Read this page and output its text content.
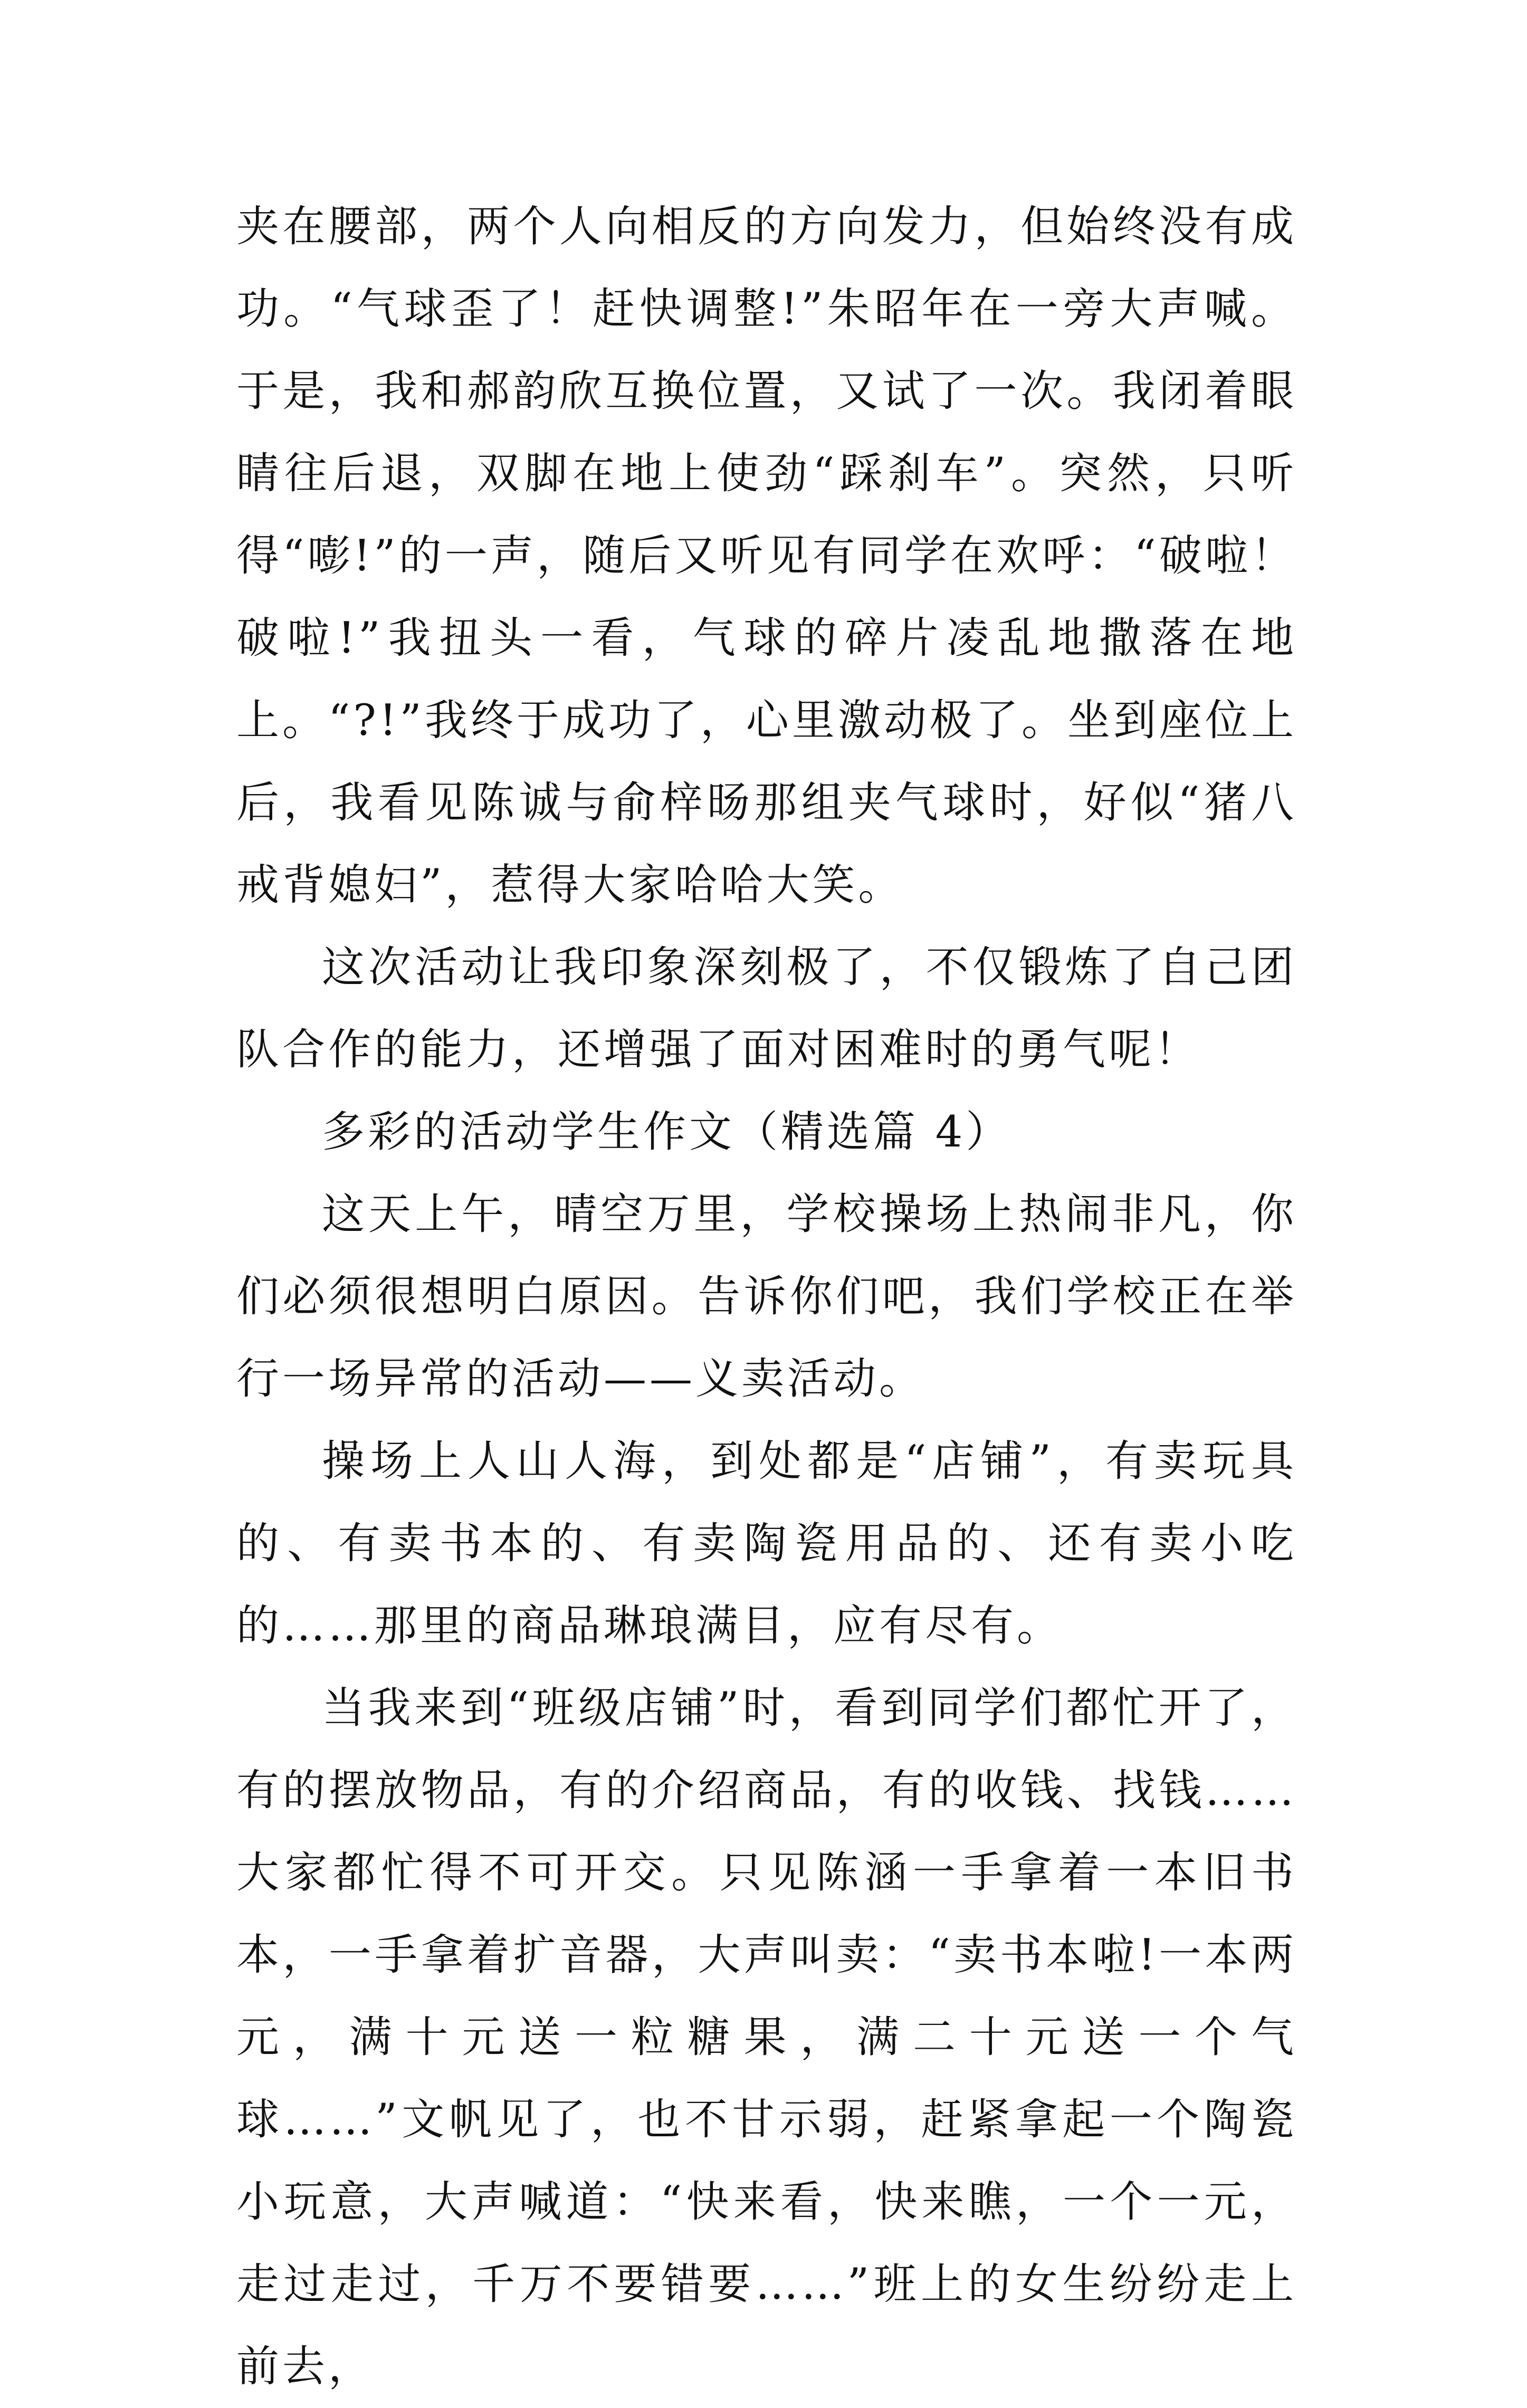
夹在腰部，两个人向相反的方向发力，但始终没有成功。“气球歪了！赶快调整!”朱昭年在一旁大声喊。于是，我和郝韵欣互换位置，又试了一次。我闭着眼睛往后退，双脚在地上使劲“踩刹车”。突然，只听得“嘭!”的一声，随后又听见有同学在欢呼：“破啦！破啦!”我扭头一看，气球的碎片凌乱地撒落在地上。“?!”我终于成功了，心里激动极了。坐到座位上后，我看见陈诚与俞梓旸那组夹气球时，好似“猪八戒背媳妇”，惹得大家哈哈大笑。

这次活动让我印象深刻极了，不仅锻炼了自己团队合作的能力，还增强了面对困难时的勇气呢！

多彩的活动学生作文（精选篇 4）

这天上午，晴空万里，学校操场上热闹非凡，你们必须很想明白原因。告诉你们吧，我们学校正在举行一场异常的活动——义卖活动。

操场上人山人海，到处都是“店铺”，有卖玩具的、有卖书本的、有卖陶瓷用品的、还有卖小吃的……那里的商品琳琅满目，应有尽有。

当我来到“班级店铺”时，看到同学们都忙开了，有的摆放物品，有的介绍商品，有的收钱、找钱……大家都忙得不可开交。只见陈涵一手拿着一本旧书本，一手拿着扩音器，大声叫卖：“卖书本啦!一本两元，满十元送一粒糖果，满二十元送一个气球……”文帆见了，也不甘示弱，赶紧拿起一个陶瓷小玩意，大声喊道：“快来看，快来瞧，一个一元，走过走过，千万不要错要……”班上的女生纷纷走上前去，
